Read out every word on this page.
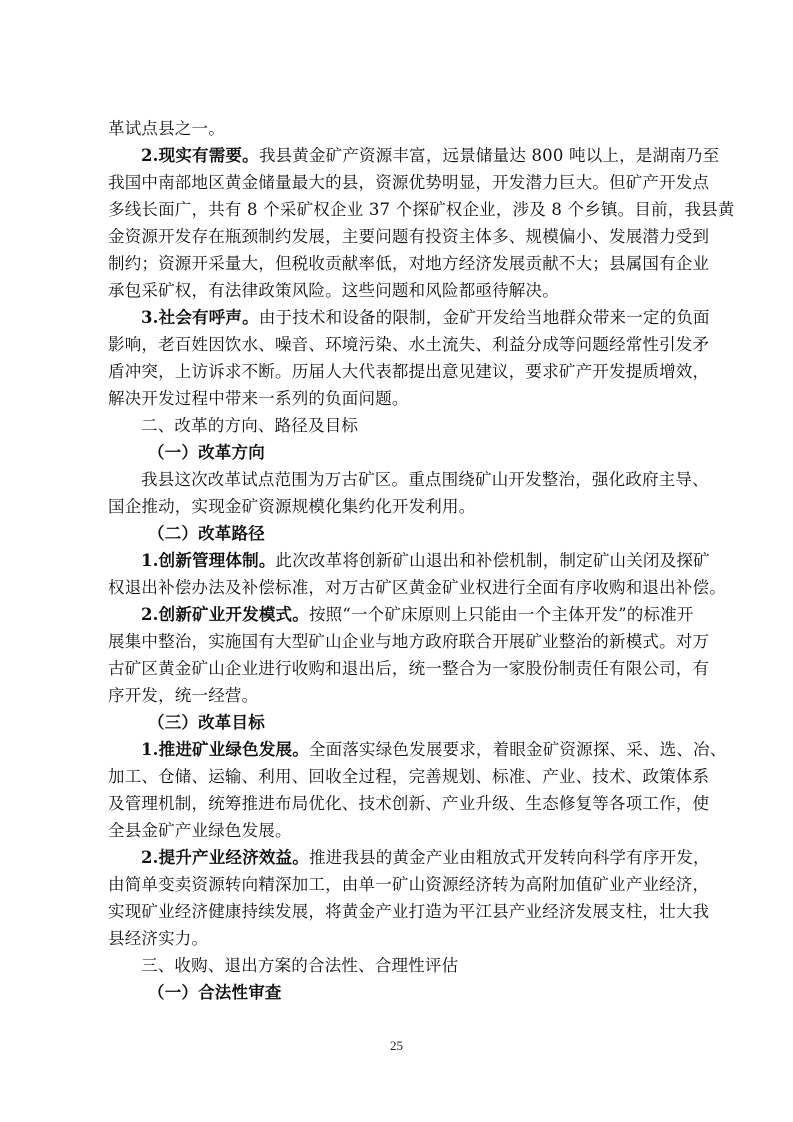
革试点县之一。
2.现实有需要。我县黄金矿产资源丰富，远景储量达 800 吨以上，是湖南乃至
我国中南部地区黄金储量最大的县，资源优势明显，开发潜力巨大。但矿产开发点
多线长面广，共有 8 个采矿权企业 37 个探矿权企业，涉及 8 个乡镇。目前，我县黄
金资源开发存在瓶颈制约发展，主要问题有投资主体多、规模偏小、发展潜力受到
制约；资源开采量大，但税收贡献率低，对地方经济发展贡献不大；县属国有企业
承包采矿权，有法律政策风险。这些问题和风险都亟待解决。
3.社会有呼声。由于技术和设备的限制，金矿开发给当地群众带来一定的负面
影响，老百姓因饮水、噪音、环境污染、水土流失、利益分成等问题经常性引发矛
盾冲突，上访诉求不断。历届人大代表都提出意见建议，要求矿产开发提质增效，
解决开发过程中带来一系列的负面问题。
二、改革的方向、路径及目标
（一）改革方向
我县这次改革试点范围为万古矿区。重点围绕矿山开发整治，强化政府主导、
国企推动，实现金矿资源规模化集约化开发利用。
（二）改革路径
1.创新管理体制。此次改革将创新矿山退出和补偿机制，制定矿山关闭及探矿
权退出补偿办法及补偿标准，对万古矿区黄金矿业权进行全面有序收购和退出补偿。
2.创新矿业开发模式。按照“一个矿床原则上只能由一个主体开发”的标准开
展集中整治，实施国有大型矿山企业与地方政府联合开展矿业整治的新模式。对万
古矿区黄金矿山企业进行收购和退出后，统一整合为一家股份制责任有限公司，有
序开发，统一经营。
（三）改革目标
1.推进矿业绿色发展。全面落实绿色发展要求，着眼金矿资源探、采、选、冶、
加工、仓储、运输、利用、回收全过程，完善规划、标准、产业、技术、政策体系
及管理机制，统筹推进布局优化、技术创新、产业升级、生态修复等各项工作，使
全县金矿产业绿色发展。
2.提升产业经济效益。推进我县的黄金产业由粗放式开发转向科学有序开发，
由简单变卖资源转向精深加工，由单一矿山资源经济转为高附加值矿业产业经济，
实现矿业经济健康持续发展，将黄金产业打造为平江县产业经济发展支柱，壮大我
县经济实力。
三、收购、退出方案的合法性、合理性评估
（一）合法性审查
25
